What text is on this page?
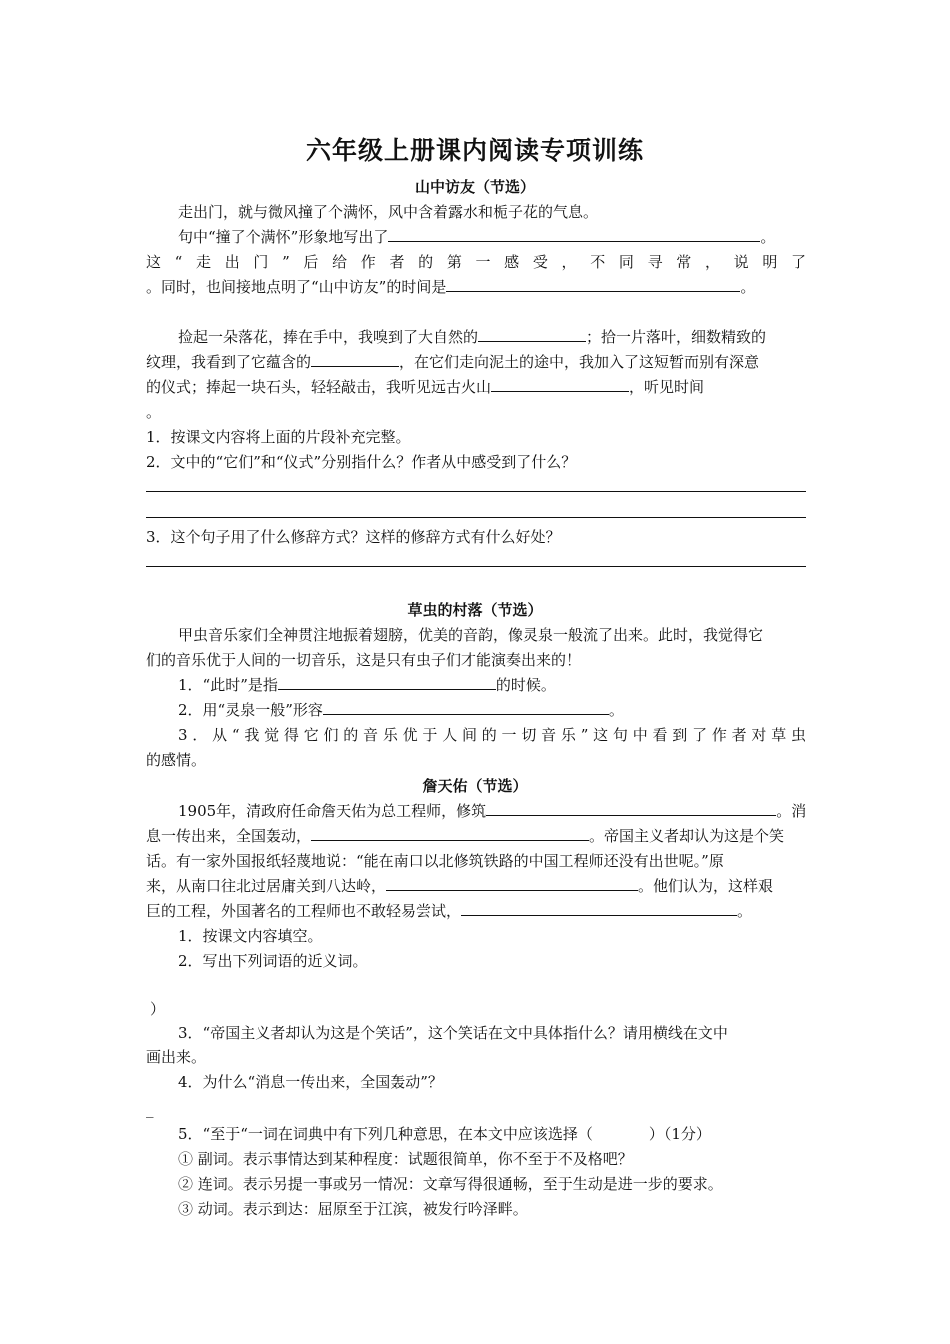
六年级上册课内阅读专项训练
山中访友（节选）
走出门，就与微风撞了个满怀，风中含着露水和栀子花的气息。
句中“撞了个满怀”形象地写出了	。
这“走出门”后给作者的第一感受，不同寻常，说明了
。同时，也间接地点明了“山中访友”的时间是	。
捡起一朵落花，捧在手中，我嗅到了大自然的	；拾一片落叶，细数精致的
纹理，我看到了它蕴含的	，在它们走向泥土的途中，我加入了这短暂而别有深意
的仪式；捧起一块石头，轻轻敲击，我听见远古火山	，听见时间
。
1．按课文内容将上面的片段补充完整。
2．文中的“它们”和“仪式”分别指什么？作者从中感受到了什么？
3．这个句子用了什么修辞方式？这样的修辞方式有什么好处？
草虫的村落（节选）
甲虫音乐家们全神贯注地振着翅膀，优美的音韵，像灵泉一般流了出来。此时，我觉得它
们的音乐优于人间的一切音乐，这是只有虫子们才能演奏出来的！
1．“此时”是指	的时候。
2．用“灵泉一般”形容	。
3．从“我觉得它们的音乐优于人间的一切音乐”这句中看到了作者对草虫
的感情。
詹天佑（节选）
1905年，清政府任命詹天佑为总工程师，修筑	。消
息一传出来，全国轰动，	。帝国主义者却认为这是个笑
话。有一家外国报纸轻蔑地说：“能在南口以北修筑铁路的中国工程师还没有出世呢。”原
来，从南口往北过居庸关到八达岭，	。他们认为，这样艰
巨的工程，外国著名的工程师也不敢轻易尝试，	。
1．按课文内容填空。
2．写出下列词语的近义词。
）
3．“帝国主义者却认为这是个笑话”，这个笑话在文中具体指什么？请用横线在文中
画出来。
4．为什么“消息一传出来，全国轰动”？
_
5．“至于“一词在词典中有下列几种意思，在本文中应该选择（	）（1分）
① 副词。表示事情达到某种程度：试题很简单，你不至于不及格吧？
② 连词。表示另提一事或另一情况：文章写得很通畅，至于生动是进一步的要求。
③ 动词。表示到达：屈原至于江滨，被发行吟泽畔。
